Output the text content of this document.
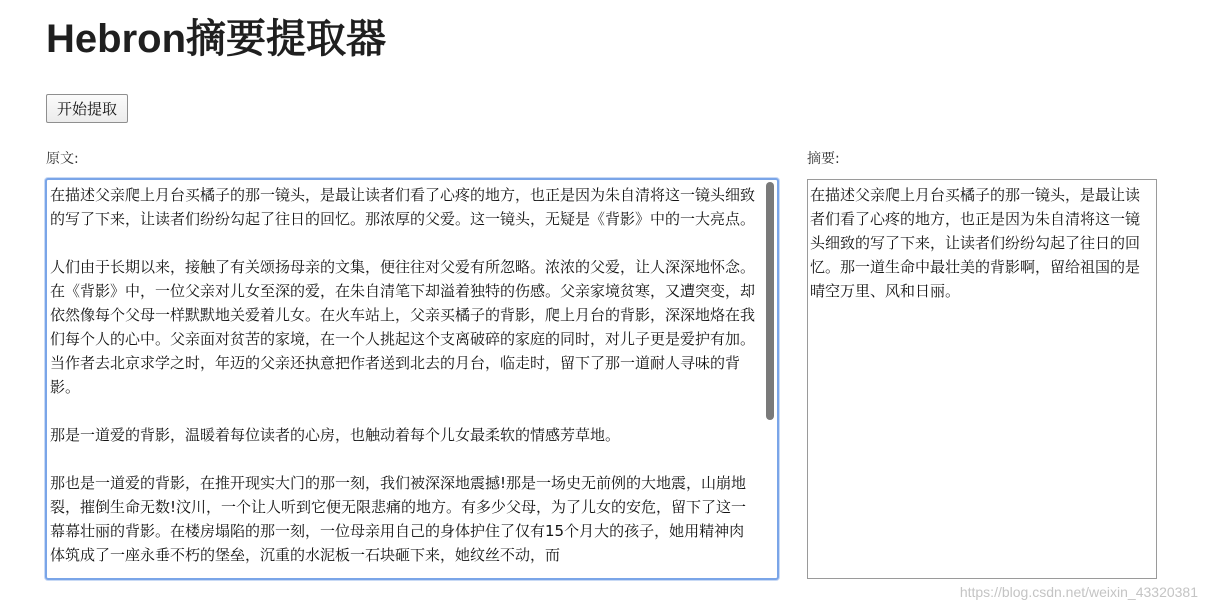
Hebron摘要提取器
开始提取
原文:	摘要:
在描述父亲爬上月台买橘子的那一镜头，是最让读者们看了心疼的地方，也正是因为朱自清将这一镜头细致的写了下来，让读者们纷纷勾起了往日的回忆。那浓厚的父爱。这一镜头，无疑是《背影》中的一大亮点。

人们由于长期以来，接触了有关颂扬母亲的文集，便往往对父爱有所忽略。浓浓的父爱，让人深深地怀念。在《背影》中，一位父亲对儿女至深的爱，在朱自清笔下却溢着独特的伤感。父亲家境贫寒，又遭突变，却依然像每个父母一样默默地关爱着儿女。在火车站上，父亲买橘子的背影，爬上月台的背影，深深地烙在我们每个人的心中。父亲面对贫苦的家境，在一个人挑起这个支离破碎的家庭的同时，对儿子更是爱护有加。当作者去北京求学之时，年迈的父亲还执意把作者送到北去的月台，临走时，留下了那一道耐人寻味的背影。

那是一道爱的背影，温暖着每位读者的心房，也触动着每个儿女最柔软的情感芳草地。

那也是一道爱的背影，在推开现实大门的那一刻，我们被深深地震撼!那是一场史无前例的大地震，山崩地裂，摧倒生命无数!汶川，一个让人听到它便无限悲痛的地方。有多少父母，为了儿女的安危，留下了这一幕幕壮丽的背影。在楼房塌陷的那一刻，一位母亲用自己的身体护住了仅有15个月大的孩子，她用精神肉体筑成了一座永垂不朽的堡垒，沉重的水泥板一石块砸下来，她纹丝不动，而
在描述父亲爬上月台买橘子的那一镜头，是最让读者们看了心疼的地方，也正是因为朱自清将这一镜头细致的写了下来，让读者们纷纷勾起了往日的回忆。那一道生命中最壮美的背影啊，留给祖国的是晴空万里、风和日丽。
https://blog.csdn.net/weixin_43320381
